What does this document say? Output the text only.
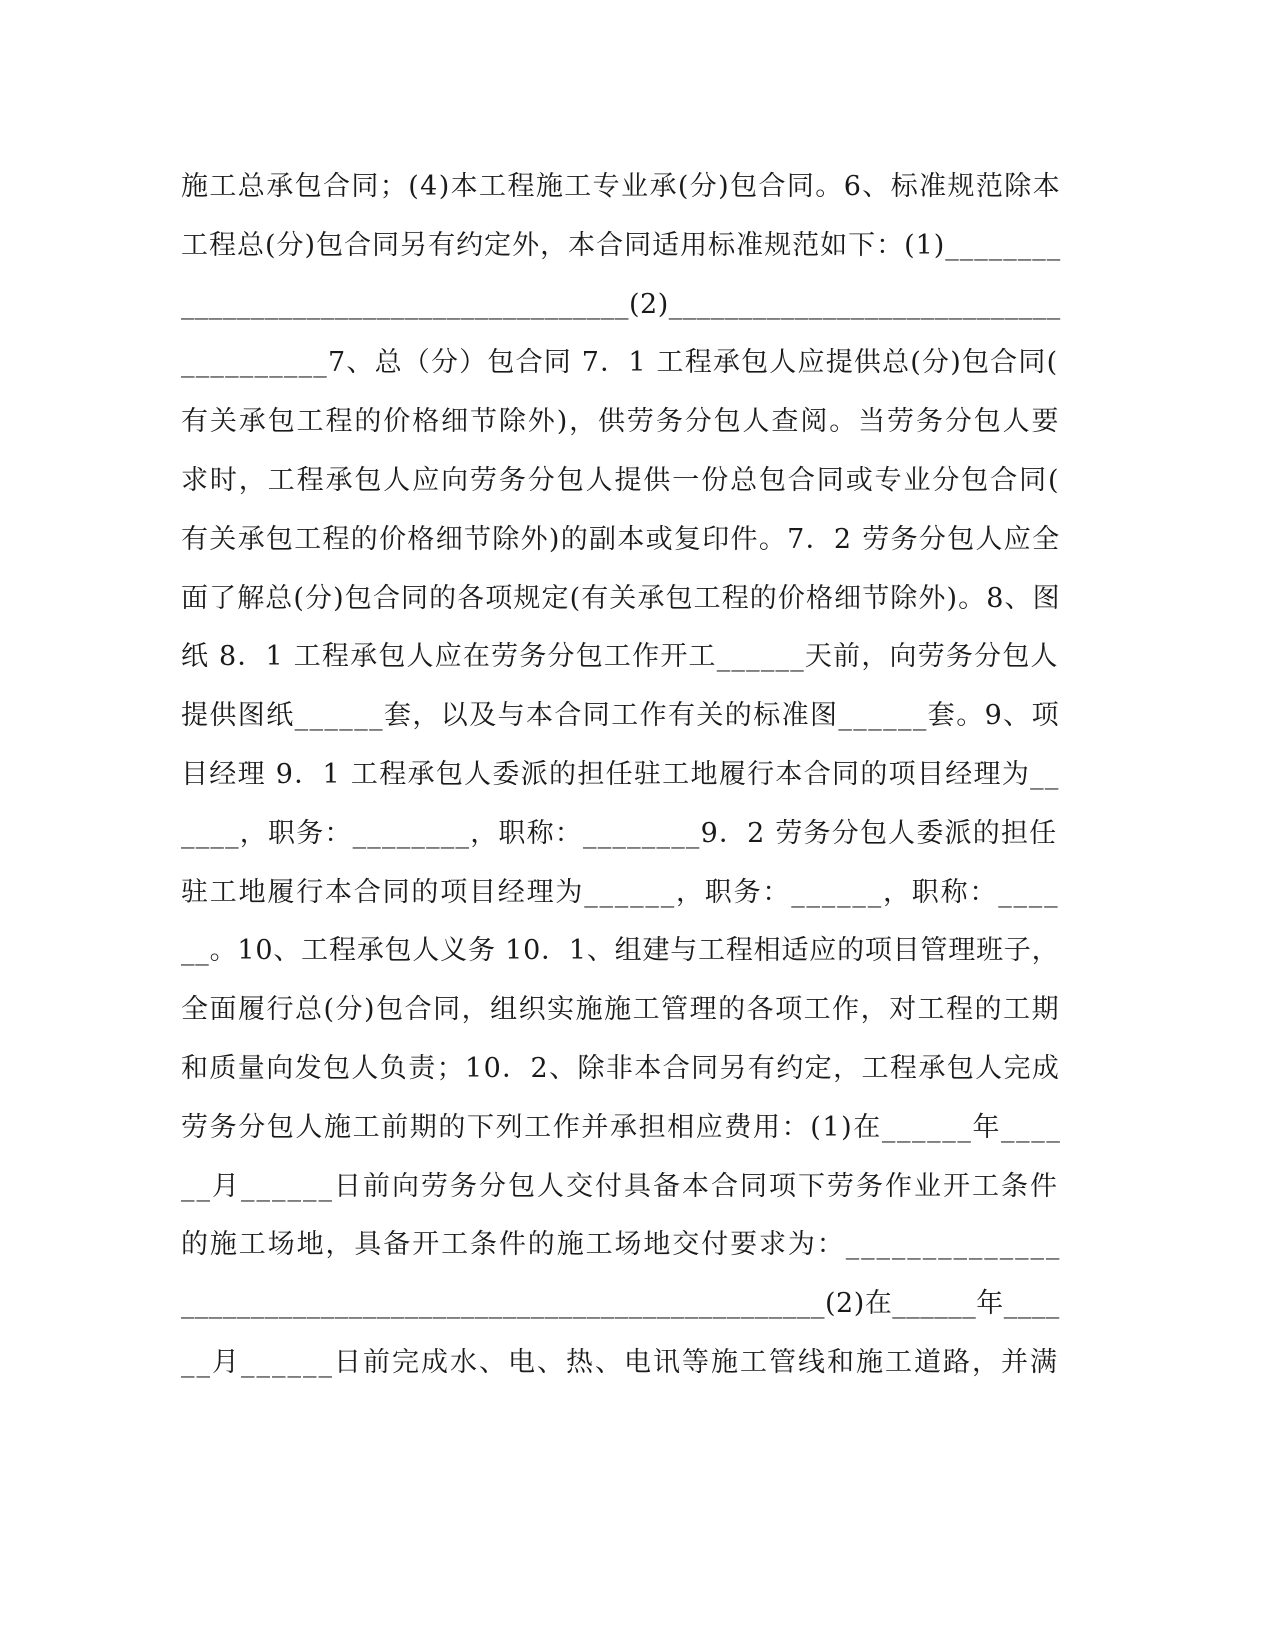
施工总承包合同；(4)本工程施工专业承(分)包合同。6、标准规范除本
工程总(分)包合同另有约定外，本合同适用标准规范如下：(1)________
________________________________(2)____________________________
__________7、总（分）包合同 7．1 工程承包人应提供总(分)包合同(
有关承包工程的价格细节除外)，供劳务分包人查阅。当劳务分包人要
求时，工程承包人应向劳务分包人提供一份总包合同或专业分包合同(
有关承包工程的价格细节除外)的副本或复印件。7．2 劳务分包人应全
面了解总(分)包合同的各项规定(有关承包工程的价格细节除外)。8、图
纸 8．1 工程承包人应在劳务分包工作开工______天前，向劳务分包人
提供图纸______套，以及与本合同工作有关的标准图______套。9、项
目经理 9．1 工程承包人委派的担任驻工地履行本合同的项目经理为__
____，职务：________，职称：________9．2 劳务分包人委派的担任
驻工地履行本合同的项目经理为______，职务：______，职称：____
__。10、工程承包人义务 10．1、组建与工程相适应的项目管理班子，
全面履行总(分)包合同，组织实施施工管理的各项工作，对工程的工期
和质量向发包人负责；10．2、除非本合同另有约定，工程承包人完成
劳务分包人施工前期的下列工作并承担相应费用：(1)在______年____
__月______日前向劳务分包人交付具备本合同项下劳务作业开工条件
的施工场地，具备开工条件的施工场地交付要求为：______________
______________________________________________(2)在______年____
__月______日前完成水、电、热、电讯等施工管线和施工道路，并满
